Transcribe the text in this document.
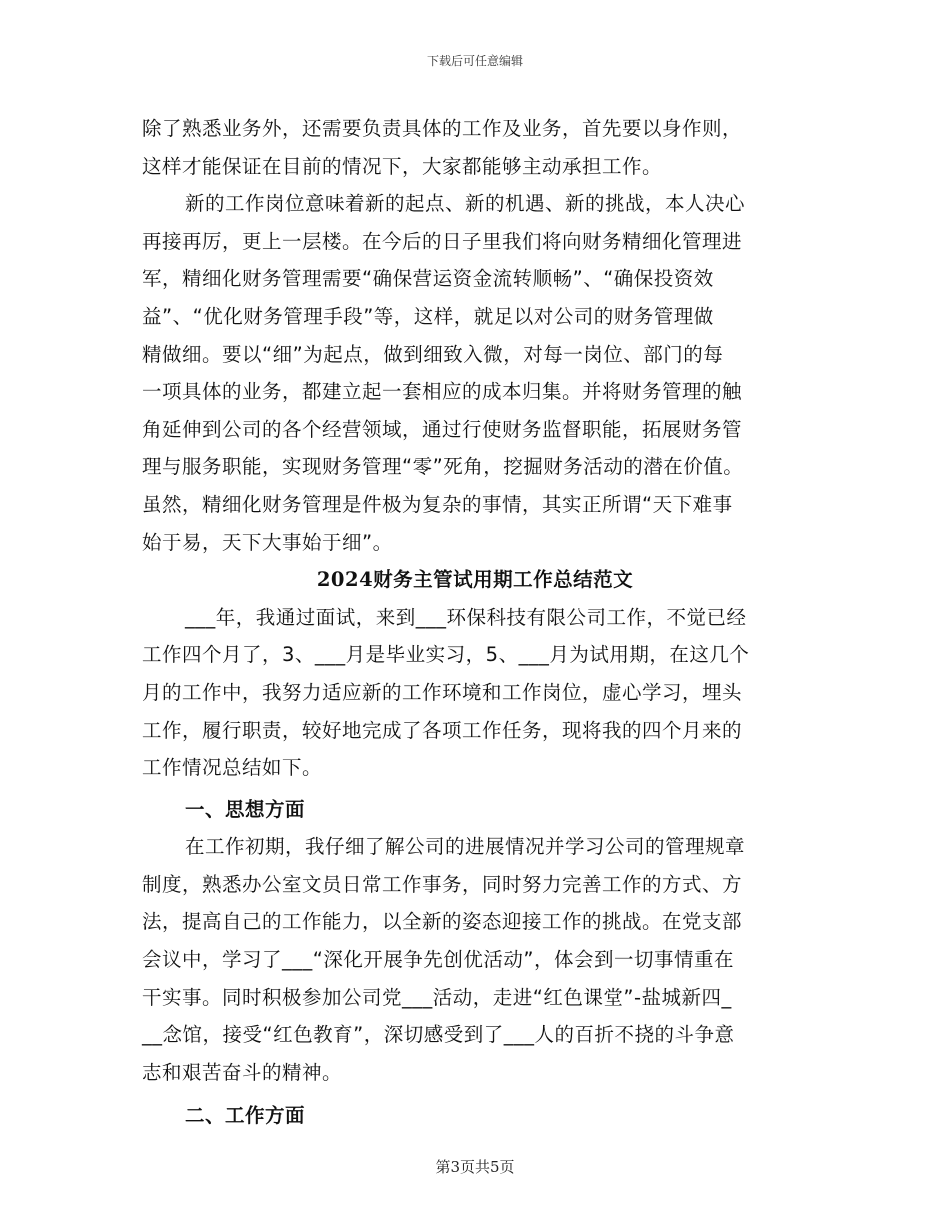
下载后可任意编辑
除了熟悉业务外，还需要负责具体的工作及业务，首先要以身作则，
这样才能保证在目前的情况下，大家都能够主动承担工作。
新的工作岗位意味着新的起点、新的机遇、新的挑战，本人决心
再接再厉，更上一层楼。在今后的日子里我们将向财务精细化管理进
军，精细化财务管理需要“确保营运资金流转顺畅”、“确保投资效
益”、“优化财务管理手段”等，这样，就足以对公司的财务管理做
精做细。要以“细”为起点，做到细致入微，对每一岗位、部门的每
一项具体的业务，都建立起一套相应的成本归集。并将财务管理的触
角延伸到公司的各个经营领域，通过行使财务监督职能，拓展财务管
理与服务职能，实现财务管理“零”死角，挖掘财务活动的潜在价值。
虽然，精细化财务管理是件极为复杂的事情，其实正所谓“天下难事
始于易，天下大事始于细”。
2024财务主管试用期工作总结范文
___年，我通过面试，来到___环保科技有限公司工作，不觉已经
工作四个月了，3、___月是毕业实习，5、___月为试用期，在这几个
月的工作中，我努力适应新的工作环境和工作岗位，虚心学习，埋头
工作，履行职责，较好地完成了各项工作任务，现将我的四个月来的
工作情况总结如下。
一、思想方面
在工作初期，我仔细了解公司的进展情况并学习公司的管理规章
制度，熟悉办公室文员日常工作事务，同时努力完善工作的方式、方
法，提高自己的工作能力，以全新的姿态迎接工作的挑战。在党支部
会议中，学习了___“深化开展争先创优活动”，体会到一切事情重在
干实事。同时积极参加公司党___活动，走进“红色课堂”-盐城新四_
__念馆，接受“红色教育”，深切感受到了___人的百折不挠的斗争意
志和艰苦奋斗的精神。
二、工作方面
第3页共5页
